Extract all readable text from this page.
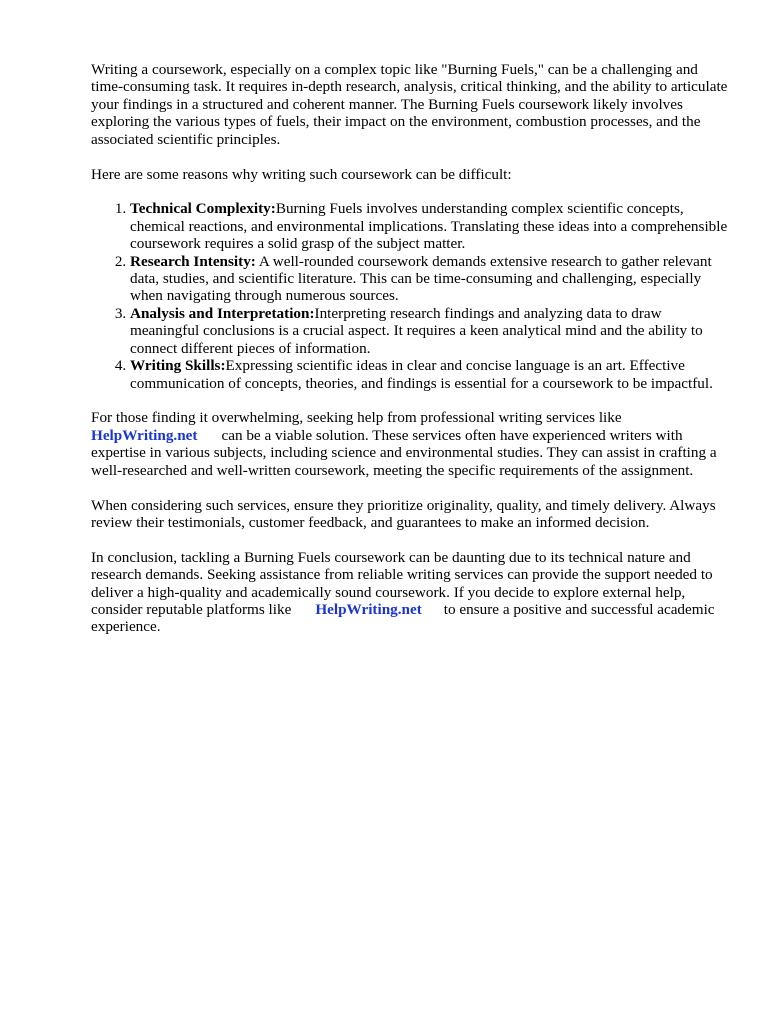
Writing a coursework, especially on a complex topic like "Burning Fuels," can be a challenging and time-consuming task. It requires in-depth research, analysis, critical thinking, and the ability to articulate your findings in a structured and coherent manner. The Burning Fuels coursework likely involves exploring the various types of fuels, their impact on the environment, combustion processes, and the associated scientific principles.

Here are some reasons why writing such coursework can be difficult:

1. Technical Complexity:Burning Fuels involves understanding complex scientific concepts, chemical reactions, and environmental implications. Translating these ideas into a comprehensible coursework requires a solid grasp of the subject matter.
2. Research Intensity: A well-rounded coursework demands extensive research to gather relevant data, studies, and scientific literature. This can be time-consuming and challenging, especially when navigating through numerous sources.
3. Analysis and Interpretation:Interpreting research findings and analyzing data to draw meaningful conclusions is a crucial aspect. It requires a keen analytical mind and the ability to connect different pieces of information.
4. Writing Skills:Expressing scientific ideas in clear and concise language is an art. Effective communication of concepts, theories, and findings is essential for a coursework to be impactful.

For those finding it overwhelming, seeking help from professional writing services like HelpWriting.net can be a viable solution. These services often have experienced writers with expertise in various subjects, including science and environmental studies. They can assist in crafting a well-researched and well-written coursework, meeting the specific requirements of the assignment.

When considering such services, ensure they prioritize originality, quality, and timely delivery. Always review their testimonials, customer feedback, and guarantees to make an informed decision.

In conclusion, tackling a Burning Fuels coursework can be daunting due to its technical nature and research demands. Seeking assistance from reliable writing services can provide the support needed to deliver a high-quality and academically sound coursework. If you decide to explore external help, consider reputable platforms like HelpWriting.net to ensure a positive and successful academic experience.
